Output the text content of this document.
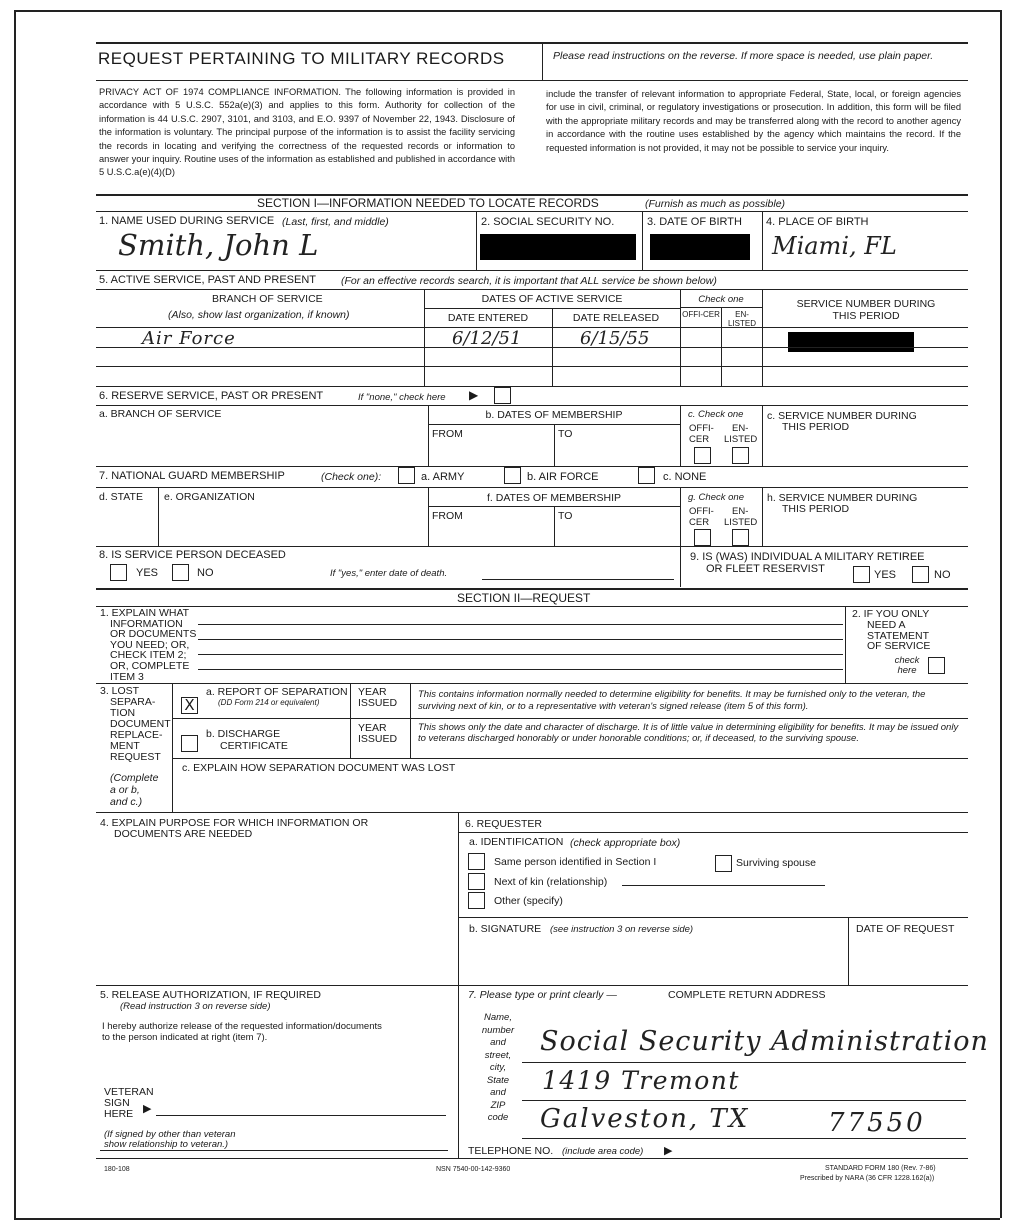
REQUEST PERTAINING TO MILITARY RECORDS	Please read instructions on the reverse. If more space is needed, use plain paper.
PRIVACY ACT OF 1974 COMPLIANCE INFORMATION. The following information is provided in accordance with 5 U.S.C. 552a(e)(3) and applies to this form. Authority for collection of the information is 44 U.S.C. 2907, 3101, and 3103, and E.O. 9397 of November 22, 1943. Disclosure of the information is voluntary. The principal purpose of the information is to assist the facility servicing the records in locating and verifying the correctness of the requested records or information to answer your inquiry. Routine uses of the information as established and published in accordance with 5 U.S.C.a(e)(4)(D)
include the transfer of relevant information to appropriate Federal, State, local, or foreign agencies for use in civil, criminal, or regulatory investigations or prosecution. In addition, this form will be filed with the appropriate military records and may be transferred along with the record to another agency in accordance with the routine uses established by the agency which maintains the record. If the requested information is not provided, it may not be possible to service your inquiry.
SECTION I—INFORMATION NEEDED TO LOCATE RECORDS	(Furnish as much as possible)
1. NAME USED DURING SERVICE (Last, first, and middle)
Smith, John L
2. SOCIAL SECURITY NO.	3. DATE OF BIRTH 4. PLACE OF BIRTH
Miami, FL
5. ACTIVE SERVICE, PAST AND PRESENT (For an effective records search, it is important that ALL service be shown below)
BRANCH OF SERVICE
(Also, show last organization, if known)
DATES OF ACTIVE SERVICE
DATE ENTERED	DATE RELEASED
Check one
OFFI-CER	EN-LISTED
SERVICE NUMBER DURING THIS PERIOD
Air Force	6/12/51	6/15/55
6. RESERVE SERVICE, PAST OR PRESENT	If "none," check here ▶
a. BRANCH OF SERVICE	b. DATES OF MEMBERSHIP
FROM	TO
c. Check one
OFFI-
CER
EN-
LISTED
c. SERVICE NUMBER DURING
THIS PERIOD
7. NATIONAL GUARD MEMBERSHIP	(Check one):	a. ARMY	b. AIR FORCE	c. NONE
d. STATE e. ORGANIZATION	f. DATES OF MEMBERSHIP
FROM	TO
g. Check one
OFFI-
CER
EN-
LISTED
h. SERVICE NUMBER DURING
THIS PERIOD
8. IS SERVICE PERSON DECEASED
YES	NO	If "yes," enter date of death.
9. IS (WAS) INDIVIDUAL A MILITARY RETIREE
OR FLEET RESERVIST	YES	NO
SECTION II—REQUEST
1. EXPLAIN WHAT
INFORMATION
OR DOCUMENTS
YOU NEED; OR,
CHECK ITEM 2;
OR, COMPLETE
ITEM 3
2. IF YOU ONLY
NEED A
STATEMENT
OF SERVICE
check here
3. LOST
SEPARA-
TION
DOCUMENT
REPLACE-
MENT
REQUEST
(Complete
a or b,
and c.)
X
a. REPORT OF SEPARATION
(DD Form 214 or equivalent)
YEAR
ISSUED
This contains information normally needed to determine eligibility for benefits. It may be furnished only to the veteran, the surviving next of kin, or to a representative with veteran's signed release (item 5 of this form).
b. DISCHARGE
CERTIFICATE
YEAR
ISSUED
This shows only the date and character of discharge. It is of little value in determining eligibility for benefits. It may be issued only to veterans discharged honorably or under honorable conditions; or, if deceased, to the surviving spouse.
c. EXPLAIN HOW SEPARATION DOCUMENT WAS LOST
4. EXPLAIN PURPOSE FOR WHICH INFORMATION OR
DOCUMENTS ARE NEEDED
6. REQUESTER
a. IDENTIFICATION (check appropriate box)
Same person identified in Section I	Surviving spouse
Next of kin (relationship)
Other (specify)
b. SIGNATURE (see instruction 3 on reverse side)	DATE OF REQUEST
5. RELEASE AUTHORIZATION, IF REQUIRED
(Read instruction 3 on reverse side)
I hereby authorize release of the requested information/documents
to the person indicated at right (item 7).
VETERAN
SIGN
HERE ▶
(If signed by other than veteran
show relationship to veteran.)
7. Please type or print clearly —	COMPLETE RETURN ADDRESS
Name,
number
and
street,
city,
State
and
ZIP
code
Social Security Administration
1419 Tremont
Galveston, TX	77550
TELEPHONE NO. (include area code) ▶
180-108	NSN 7540-00-142-9360	STANDARD FORM 180 (Rev. 7-86)
Prescribed by NARA (36 CFR 1228.162(a))
